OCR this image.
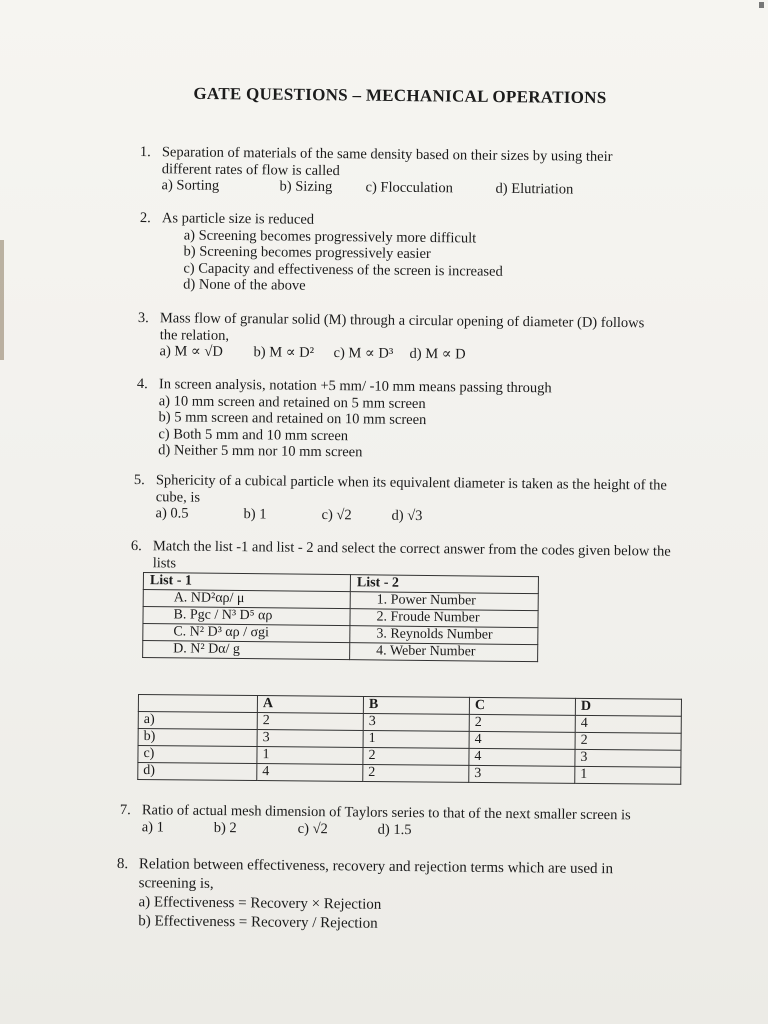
GATE QUESTIONS – MECHANICAL OPERATIONS
1. Separation of materials of the same density based on their sizes by using their different rates of flow is called
a) Sorting	b) Sizing c) Flocculation	d) Elutriation
2. As particle size is reduced
a) Screening becomes progressively more difficult
b) Screening becomes progressively easier
c) Capacity and effectiveness of the screen is increased
d) None of the above
3. Mass flow of granular solid (M) through a circular opening of diameter (D) follows the relation,
a) M ∝ √D b) M ∝ D² c) M ∝ D³ d) M ∝ D
4. In screen analysis, notation +5 mm/ -10 mm means passing through
a) 10 mm screen and retained on 5 mm screen
b) 5 mm screen and retained on 10 mm screen
c) Both 5 mm and 10 mm screen
d) Neither 5 mm nor 10 mm screen
5. Sphericity of a cubical particle when its equivalent diameter is taken as the height of the cube, is
a) 0.5	b) 1	c) √2	d) √3
6. Match the list -1 and list - 2 and select the correct answer from the codes given below the lists
List - 1	List - 2
A. ND²αρ/ μ	1. Power Number
B. Pgc / N³ D⁵ αρ	2. Froude Number
C. N² D³ αρ / σgi	3. Reynolds Number
D. N² Dα/ g	4. Weber Number
	A	B	C	D
a)	2	3	2	4
b)	3	1	4	2
c)	1	2	4	3
d)	4	2	3	1
7. Ratio of actual mesh dimension of Taylors series to that of the next smaller screen is
a) 1	b) 2	c) √2	d) 1.5
8. Relation between effectiveness, recovery and rejection terms which are used in screening is,
a) Effectiveness = Recovery × Rejection
b) Effectiveness = Recovery / Rejection
